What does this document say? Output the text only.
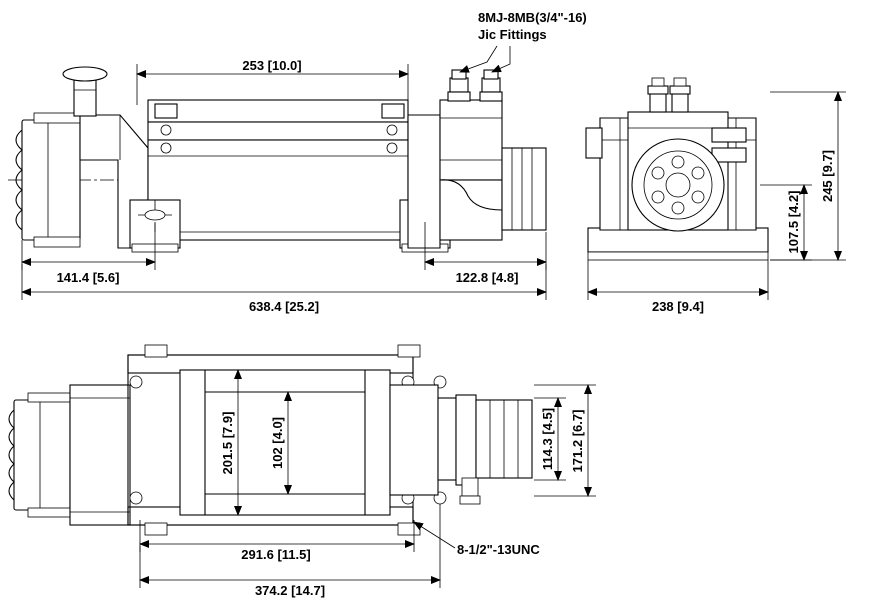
253 [10.0]
141.4 [5.6]	122.8 [4.8]
638.4 [25.2]
8MJ-8MB(3/4"-16)
Jic Fittings
245 [9.7]
107.5 [4.2]
238 [9.4]
201.5 [7.9]	102 [4.0]	114.3 [4.5] 171.2 [6.7]
291.6 [11.5]
374.2 [14.7]
8-1/2"-13UNC
